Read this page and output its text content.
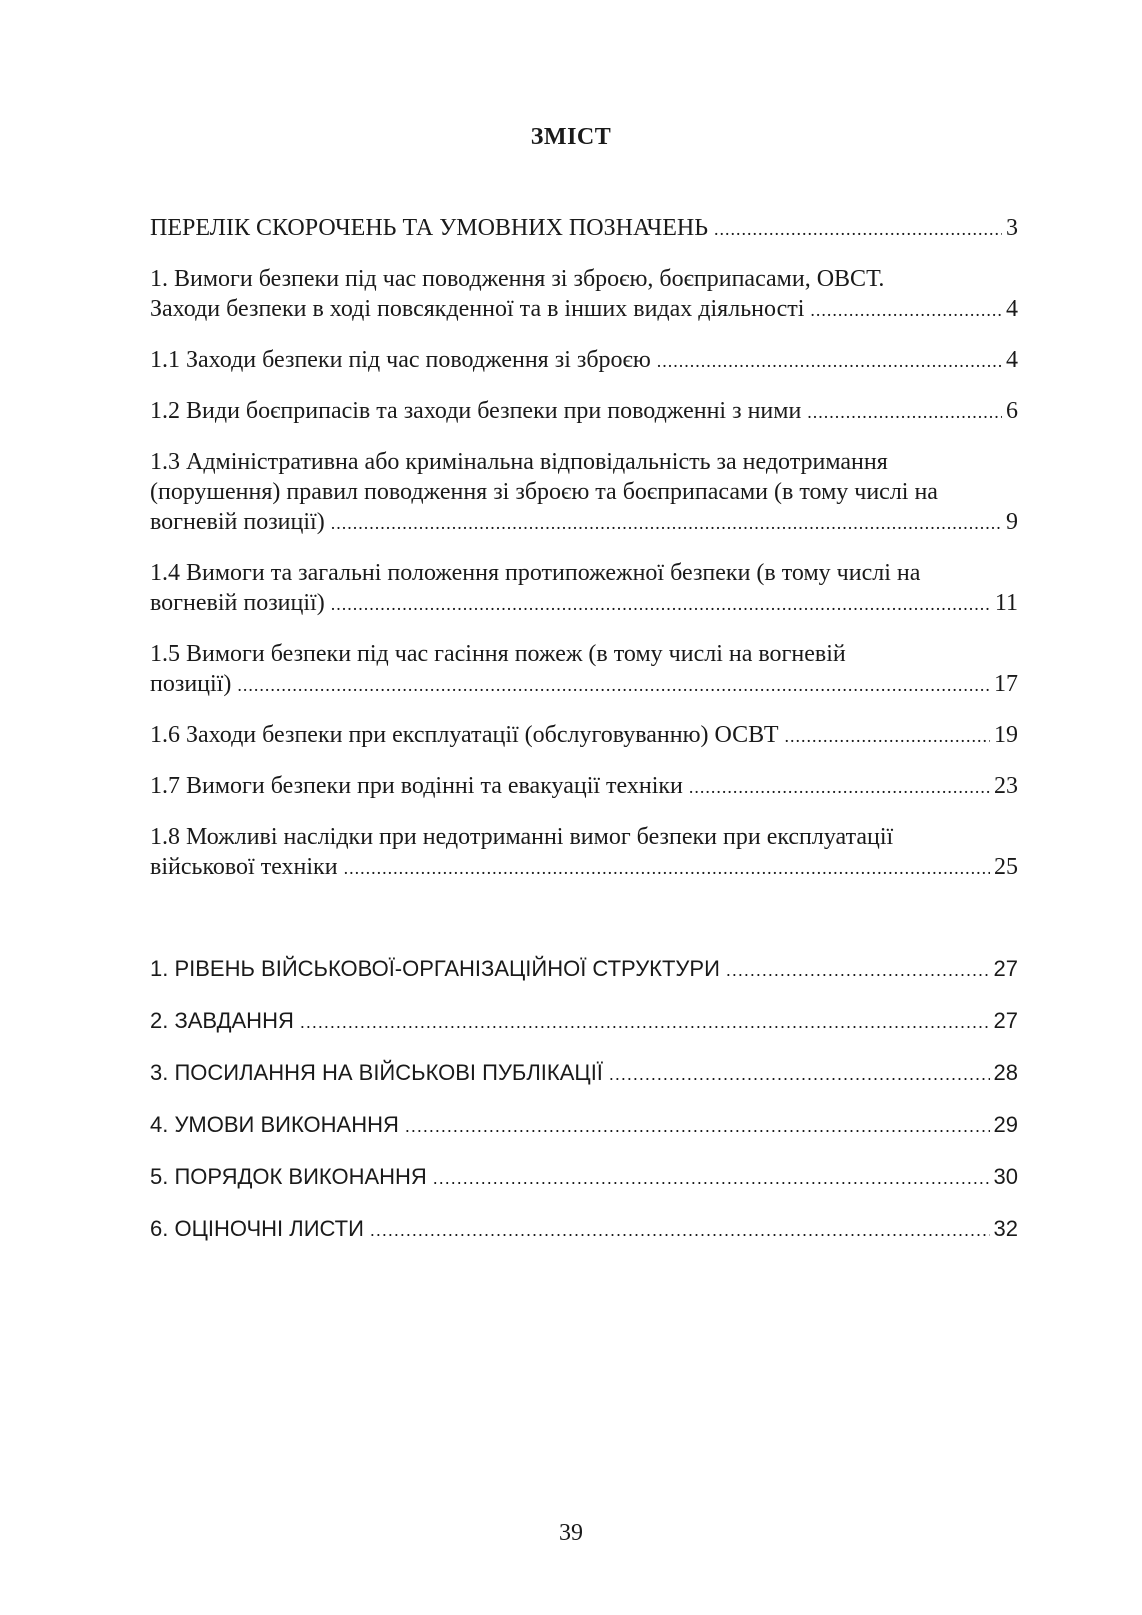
ЗМІСТ
ПЕРЕЛІК СКОРОЧЕНЬ ТА УМОВНИХ ПОЗНАЧЕНЬ .....	3
1. Вимоги безпеки під час поводження зі зброєю, боєприпасами, ОВСТ.
Заходи безпеки в ході повсякденної та в інших видах діяльності .....	4
1.1 Заходи безпеки під час поводження зі зброєю .....	4
1.2 Види боєприпасів та заходи безпеки при поводженні з ними .....	6
1.3 Адміністративна або кримінальна відповідальність за недотримання
(порушення) правил поводження зі зброєю та боєприпасами (в тому числі на
вогневій позиції) .....	9
1.4 Вимоги та загальні положення протипожежної безпеки (в тому числі на
вогневій позиції) .....	11
1.5 Вимоги безпеки під час гасіння пожеж (в тому числі на вогневій
позиції) .....	17
1.6 Заходи безпеки при експлуатації (обслуговуванню) ОСВТ .....	19
1.7 Вимоги безпеки при водінні та евакуації техніки .....	23
1.8 Можливі наслідки при недотриманні вимог безпеки при експлуатації
військової техніки .....	25
1. РІВЕНЬ ВІЙСЬКОВОЇ-ОРГАНІЗАЦІЙНОЇ СТРУКТУРИ .....	27
2. ЗАВДАННЯ .....	27
3. ПОСИЛАННЯ НА ВІЙСЬКОВІ ПУБЛІКАЦІЇ .....	28
4. УМОВИ ВИКОНАННЯ .....	29
5. ПОРЯДОК ВИКОНАННЯ .....	30
6. ОЦІНОЧНІ ЛИСТИ .....	32
39
